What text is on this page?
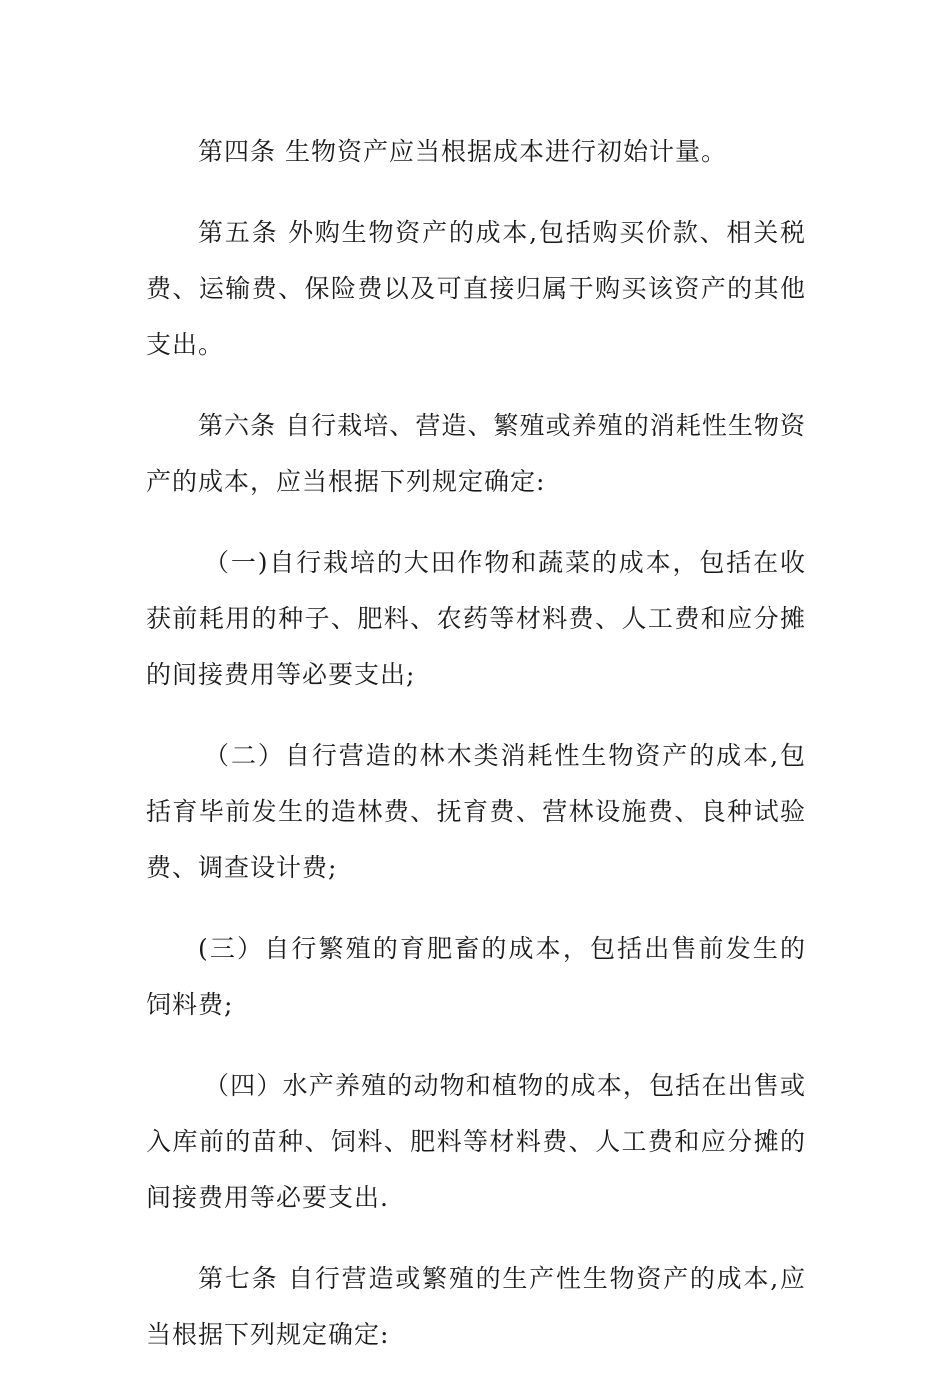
第四条 生物资产应当根据成本进行初始计量。

第五条 外购生物资产的成本,包括购买价款、相关税费、运输费、保险费以及可直接归属于购买该资产的其他支出。

第六条 自行栽培、营造、繁殖或养殖的消耗性生物资产的成本，应当根据下列规定确定:

（一)自行栽培的大田作物和蔬菜的成本，包括在收获前耗用的种子、肥料、农药等材料费、人工费和应分摊的间接费用等必要支出;

（二）自行营造的林木类消耗性生物资产的成本,包括育毕前发生的造林费、抚育费、营林设施费、良种试验费、调查设计费;

(三）自行繁殖的育肥畜的成本，包括出售前发生的饲料费;

（四）水产养殖的动物和植物的成本，包括在出售或入库前的苗种、饲料、肥料等材料费、人工费和应分摊的间接费用等必要支出.

第七条 自行营造或繁殖的生产性生物资产的成本,应当根据下列规定确定:
